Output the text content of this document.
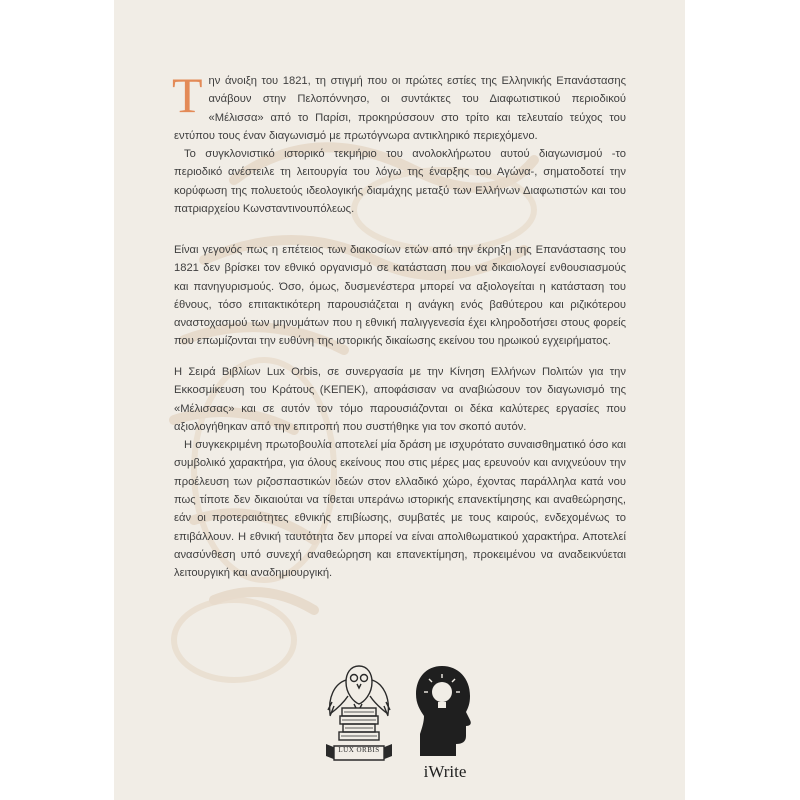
Την άνοιξη του 1821, τη στιγμή που οι πρώτες εστίες της Ελληνικής Επανάστασης ανάβουν στην Πελοπόννησο, οι συντάκτες του Διαφωτιστικού περιοδικού «Μέλισσα» από το Παρίσι, προκηρύσσουν στο τρίτο και τελευταίο τεύχος του εντύπου τους έναν διαγωνισμό με πρωτόγνωρα αντικληρικό περιεχόμενο.

Το συγκλονιστικό ιστορικό τεκμήριο του ανολοκλήρωτου αυτού διαγωνισμού -το περιοδικό ανέστειλε τη λειτουργία του λόγω της έναρξης του Αγώνα-, σηματοδοτεί την κορύφωση της πολυετούς ιδεολογικής διαμάχης μεταξύ των Ελλήνων Διαφωτιστών και του πατριαρχείου Κωνσταντινουπόλεως.

Είναι γεγονός πως η επέτειος των διακοσίων ετών από την έκρηξη της Επανάστασης του 1821 δεν βρίσκει τον εθνικό οργανισμό σε κατάσταση που να δικαιολογεί ενθουσιασμούς και πανηγυρισμούς. Όσο, όμως, δυσμενέστερα μπορεί να αξιολογείται η κατάσταση του έθνους, τόσο επιτακτικότερη παρουσιάζεται η ανάγκη ενός βαθύτερου και ριζικότερου αναστοχασμού των μηνυμάτων που η εθνική παλιγγενεσία έχει κληροδοτήσει στους φορείς που επωμίζονται την ευθύνη της ιστορικής δικαίωσης εκείνου του ηρωικού εγχειρήματος.

Η Σειρά Βιβλίων Lux Orbis, σε συνεργασία με την Κίνηση Ελλήνων Πολιτών για την Εκκοσμίκευση του Κράτους (ΚΕΠΕΚ), αποφάσισαν να αναβιώσουν τον διαγωνισμό της «Μέλισσας» και σε αυτόν τον τόμο παρουσιάζονται οι δέκα καλύτερες εργασίες που αξιολογήθηκαν από την επιτροπή που συστήθηκε για τον σκοπό αυτόν.

Η συγκεκριμένη πρωτοβουλία αποτελεί μία δράση με ισχυρότατο συναισθηματικό όσο και συμβολικό χαρακτήρα, για όλους εκείνους που στις μέρες μας ερευνούν και ανιχνεύουν την προέλευση των ριζοσπαστικών ιδεών στον ελλαδικό χώρο, έχοντας παράλληλα κατά νου πως τίποτε δεν δικαιούται να τίθεται υπεράνω ιστορικής επανεκτίμησης και αναθεώρησης, εάν οι προτεραιότητες εθνικής επιβίωσης, συμβατές με τους καιρούς, ενδεχομένως το επιβάλλουν. Η εθνική ταυτότητα δεν μπορεί να είναι απολιθωματικού χαρακτήρα. Αποτελεί ανασύνθεση υπό συνεχή αναθεώρηση και επανεκτίμηση, προκειμένου να αναδεικνύεται λειτουργική και αναδημιουργική.

LUX ORBIS
iWrite
